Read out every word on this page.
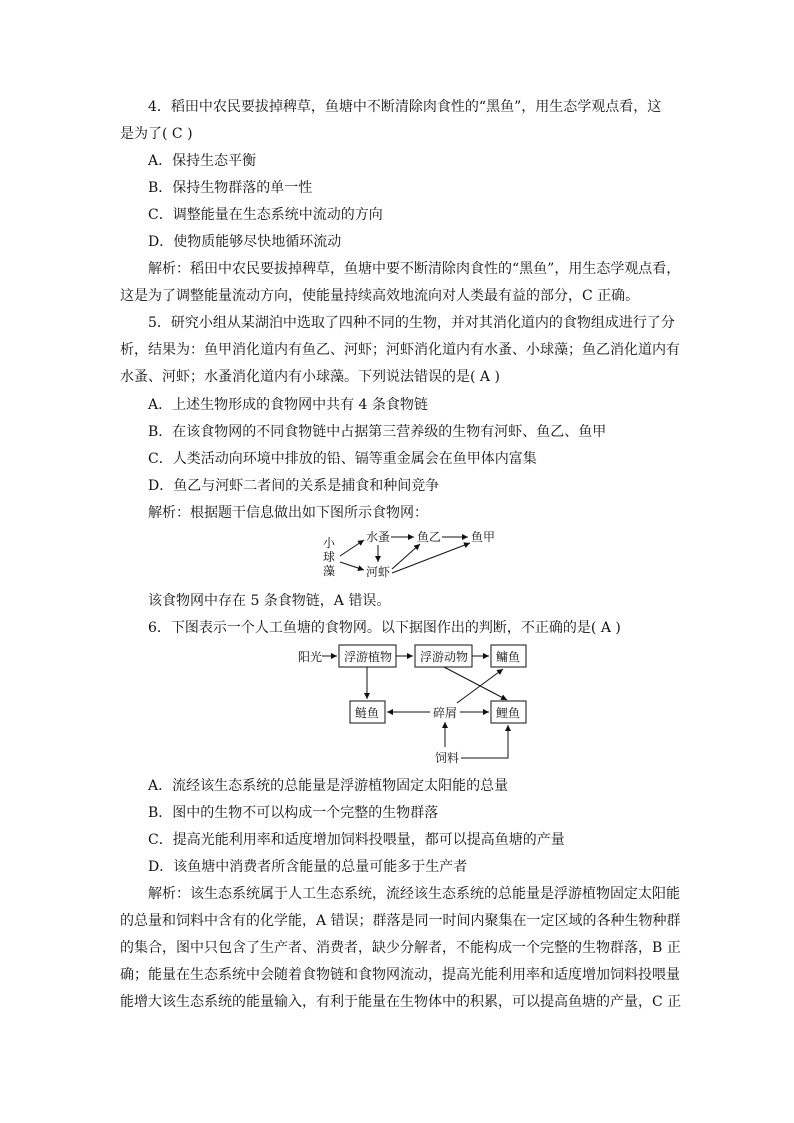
4．稻田中农民要拔掉稗草，鱼塘中不断清除肉食性的“黑鱼”，用生态学观点看，这
是为了( C )
A．保持生态平衡
B．保持生物群落的单一性
C．调整能量在生态系统中流动的方向
D．使物质能够尽快地循环流动
解析：稻田中农民要拔掉稗草，鱼塘中要不断清除肉食性的“黑鱼”，用生态学观点看，
这是为了调整能量流动方向，使能量持续高效地流向对人类最有益的部分，C 正确。
5．研究小组从某湖泊中选取了四种不同的生物，并对其消化道内的食物组成进行了分
析，结果为：鱼甲消化道内有鱼乙、河虾；河虾消化道内有水蚤、小球藻；鱼乙消化道内有
水蚤、河虾；水蚤消化道内有小球藻。下列说法错误的是( A )
A．上述生物形成的食物网中共有 4 条食物链
B．在该食物网的不同食物链中占据第三营养级的生物有河虾、鱼乙、鱼甲
C．人类活动向环境中排放的铅、镉等重金属会在鱼甲体内富集
D．鱼乙与河虾二者间的关系是捕食和种间竞争
解析：根据题干信息做出如下图所示食物网：
小
球
藻
水蚤 鱼乙 鱼甲
河虾
该食物网中存在 5 条食物链，A 错误。
6．下图表示一个人工鱼塘的食物网。以下据图作出的判断，不正确的是( A )
阳光 浮游植物 浮游动物 鳙鱼
鲢鱼	碎屑	鲤鱼
饲料
A．流经该生态系统的总能量是浮游植物固定太阳能的总量
B．图中的生物不可以构成一个完整的生物群落
C．提高光能利用率和适度增加饲料投喂量，都可以提高鱼塘的产量
D．该鱼塘中消费者所含能量的总量可能多于生产者
解析：该生态系统属于人工生态系统，流经该生态系统的总能量是浮游植物固定太阳能
的总量和饲料中含有的化学能，A 错误；群落是同一时间内聚集在一定区域的各种生物种群
的集合，图中只包含了生产者、消费者，缺少分解者，不能构成一个完整的生物群落，B 正
确；能量在生态系统中会随着食物链和食物网流动，提高光能利用率和适度增加饲料投喂量
能增大该生态系统的能量输入，有利于能量在生物体中的积累，可以提高鱼塘的产量，C 正
